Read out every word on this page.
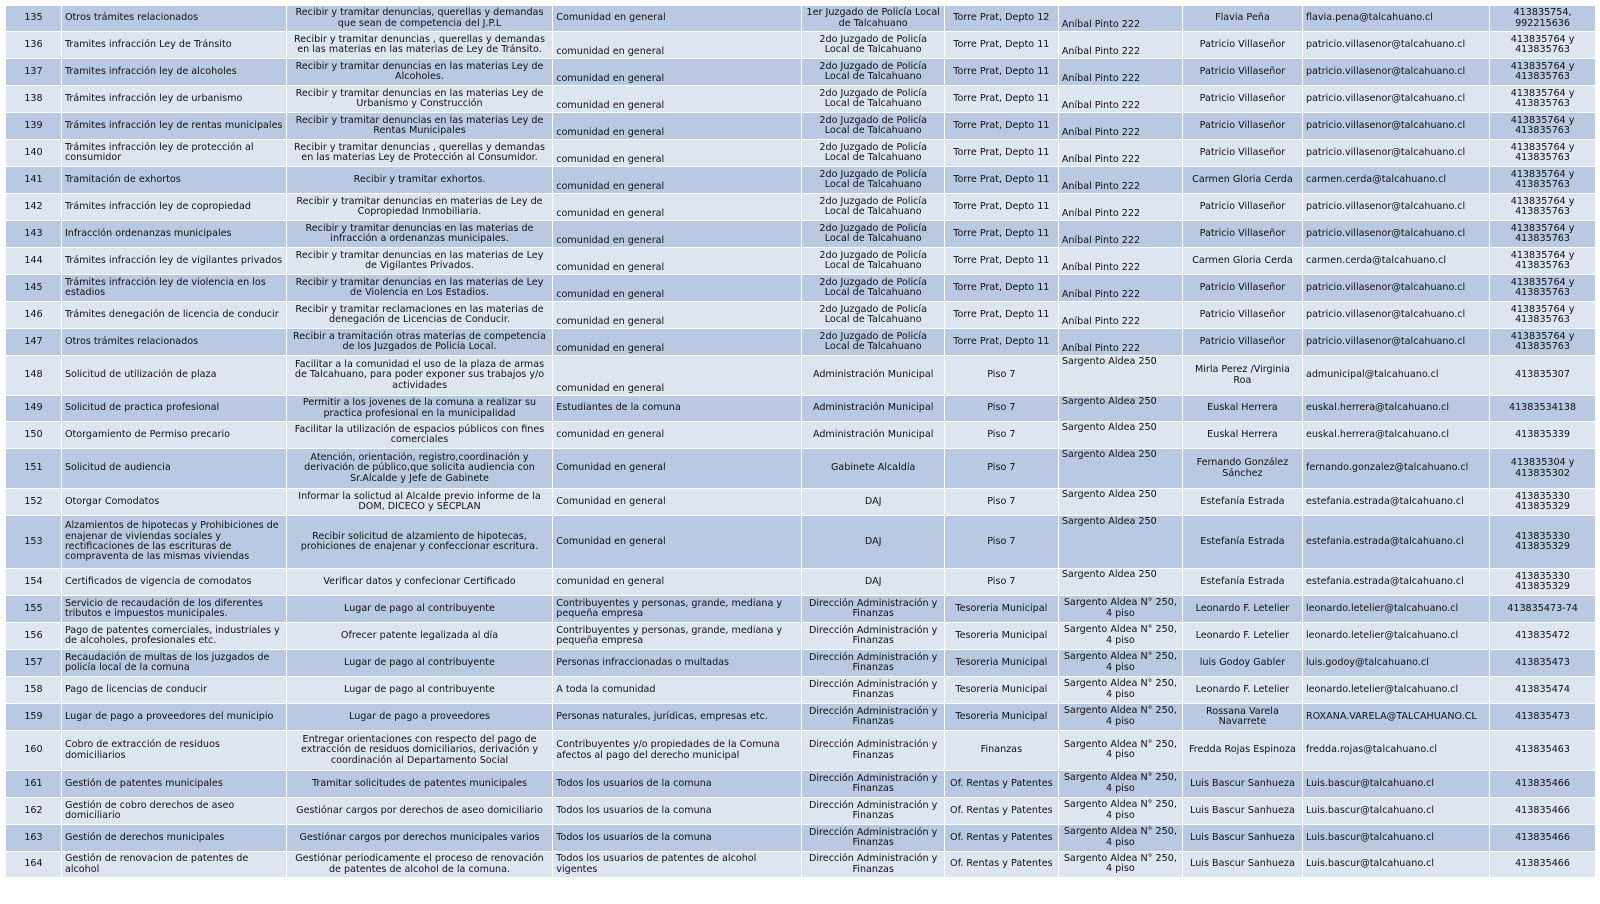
135	Otros trámites relacionados	Recibir y tramitar denuncias, querellas y demandas que sean de competencia del J.P.L	Comunidad en general	1er Juzgado de Policía Local de Talcahuano	Torre Prat, Depto 12	Aníbal Pinto 222	Flavia Peña	flavia.pena@talcahuano.cl	413835754, 992215636
136	Tramites infracción Ley de Tránsito	Recibir y tramitar denuncias , querellas y demandas en las materias en las materias de Ley de Tránsito.	comunidad en general	2do Juzgado de Policía Local de Talcahuano	Torre Prat, Depto 11	Aníbal Pinto 222	Patricio Villaseñor	patricio.villasenor@talcahuano.cl	413835764 y 413835763
137	Tramites infracción ley de alcoholes	Recibir y tramitar denuncias en las materias Ley de Alcoholes.	comunidad en general	2do Juzgado de Policía Local de Talcahuano	Torre Prat, Depto 11	Aníbal Pinto 222	Patricio Villaseñor	patricio.villasenor@talcahuano.cl	413835764 y 413835763
138	Trámites infracción ley de urbanismo	Recibir y tramitar denuncias en las materias Ley de Urbanismo y Construcción	comunidad en general	2do Juzgado de Policía Local de Talcahuano	Torre Prat, Depto 11	Aníbal Pinto 222	Patricio Villaseñor	patricio.villasenor@talcahuano.cl	413835764 y 413835763
139	Trámites infracción ley de rentas municipales	Recibir y tramitar denuncias en las materias Ley de Rentas Municipales	comunidad en general	2do Juzgado de Policía Local de Talcahuano	Torre Prat, Depto 11	Aníbal Pinto 222	Patricio Villaseñor	patricio.villasenor@talcahuano.cl	413835764 y 413835763
140	Trámites infracción ley de protección al consumidor	Recibir y tramitar denuncias , querellas y demandas en las materias Ley de Protección al Consumidor.	comunidad en general	2do Juzgado de Policía Local de Talcahuano	Torre Prat, Depto 11	Aníbal Pinto 222	Patricio Villaseñor	patricio.villasenor@talcahuano.cl	413835764 y 413835763
141	Tramitación de exhortos	Recibir y tramitar exhortos.	comunidad en general	2do Juzgado de Policía Local de Talcahuano	Torre Prat, Depto 11	Aníbal Pinto 222	Carmen Gloria Cerda	carmen.cerda@talcahuano.cl	413835764 y 413835763
142	Trámites infracción ley de copropiedad	Recibir y tramitar denuncias en materias de Ley de Copropiedad Inmobiliaria.	comunidad en general	2do Juzgado de Policía Local de Talcahuano	Torre Prat, Depto 11	Aníbal Pinto 222	Patricio Villaseñor	patricio.villasenor@talcahuano.cl	413835764 y 413835763
143	Infracción ordenanzas municipales	Recibir y tramitar denuncias en las materias de infracción a ordenanzas municipales.	comunidad en general	2do Juzgado de Policía Local de Talcahuano	Torre Prat, Depto 11	Aníbal Pinto 222	Patricio Villaseñor	patricio.villasenor@talcahuano.cl	413835764 y 413835763
144	Trámites infracción ley de vigilantes privados	Recibir y tramitar denuncias en las materias de Ley de Vigilantes Privados.	comunidad en general	2do Juzgado de Policía Local de Talcahuano	Torre Prat, Depto 11	Aníbal Pinto 222	Carmen Gloria Cerda	carmen.cerda@talcahuano.cl	413835764 y 413835763
145	Trámites infracción ley de violencia en los estadios	Recibir y tramitar denuncias en las materias de Ley de Violencia en Los Estadios.	comunidad en general	2do Juzgado de Policía Local de Talcahuano	Torre Prat, Depto 11	Aníbal Pinto 222	Patricio Villaseñor	patricio.villasenor@talcahuano.cl	413835764 y 413835763
146	Trámites denegación de licencia de conducir	Recibir y tramitar reclamaciones en las materias de denegación de Licencias de Conducir.	comunidad en general	2do Juzgado de Policía Local de Talcahuano	Torre Prat, Depto 11	Aníbal Pinto 222	Patricio Villaseñor	patricio.villasenor@talcahuano.cl	413835764 y 413835763
147	Otros trámites relacionados	Recibir a tramitación otras materias de competencia de los Juzgados de Policía Local.	comunidad en general	2do Juzgado de Policía Local de Talcahuano	Torre Prat, Depto 11	Aníbal Pinto 222	Patricio Villaseñor	patricio.villasenor@talcahuano.cl	413835764 y 413835763
148	Solicitud de utilización de plaza	Facilitar a la comunidad el uso de la plaza de armas de Talcahuano, para poder exponer sus trabajos y/o actividades	comunidad en general	Administración Municipal	Piso 7	Sargento Aldea 250	Mirla Perez /Virginia Roa	admunicipal@talcahuano.cl	413835307
149	Solicitud de practica profesional	Permitir a los jovenes de la comuna a realizar su practica profesional en la municipalidad	Estudiantes de la comuna	Administración Municipal	Piso 7	Sargento Aldea 250	Euskal Herrera	euskal.herrera@talcahuano.cl	41383534138
150	Otorgamiento de Permiso precario	Facilitar la utilización de espacios públicos con fines comerciales	comunidad en general	Administración Municipal	Piso 7	Sargento Aldea 250	Euskal Herrera	euskal.herrera@talcahuano.cl	413835339
151	Solicitud de audiencia	Atención, orientación, registro,coordinación y derivación de público,que solicita audiencia con Sr.Alcalde y Jefe de Gabinete	Comunidad en general	Gabinete Alcaldía	Piso 7	Sargento Aldea 250	Fernando González Sánchez	fernando.gonzalez@talcahuano.cl	413835304 y 413835302
152	Otorgar Comodatos	Informar la solictud al Alcalde previo informe de la DOM, DICECO y SECPLAN	Comunidad en general	DAJ	Piso 7	Sargento Aldea 250	Estefanía Estrada	estefania.estrada@talcahuano.cl	413835330 413835329
153	Alzamientos de hipotecas y Prohibiciones de enajenar de viviendas sociales y rectificaciones de las escrituras de compraventa de las mismas viviendas	Recibir solicitud de alzamiento de hipotecas, prohiciones de enajenar y confeccionar escritura.	Comunidad en general	DAJ	Piso 7	Sargento Aldea 250	Estefanía Estrada	estefania.estrada@talcahuano.cl	413835330 413835329
154	Certificados de vigencia de comodatos	Verificar datos y confecionar Certificado	comunidad en general	DAJ	Piso 7	Sargento Aldea 250	Estefanía Estrada	estefania.estrada@talcahuano.cl	413835330 413835329
155	Servicio de recaudación de los diferentes tributos e impuestos municipales.	Lugar de pago al contribuyente	Contribuyentes y personas, grande, mediana y pequeña empresa	Dirección Administración y Finanzas	Tesoreria Municipal	Sargento Aldea N° 250, 4 piso	Leonardo F. Letelier	leonardo.letelier@talcahuano.cl	413835473-74
156	Pago de patentes comerciales, industriales y de alcoholes, profesionales etc.	Ofrecer patente legalizada al día	Contribuyentes y personas, grande, mediana y pequeña empresa	Dirección Administración y Finanzas	Tesoreria Municipal	Sargento Aldea N° 250, 4 piso	Leonardo F. Letelier	leonardo.letelier@talcahuano.cl	413835472
157	Recaudación de multas de los juzgados de policía local de la comuna	Lugar de pago al contribuyente	Personas infraccionadas o multadas	Dirección Administración y Finanzas	Tesoreria Municipal	Sargento Aldea N° 250, 4 piso	luis Godoy Gabler	luis.godoy@talcahuano.cl	413835473
158	Pago de licencias de conducir	Lugar de pago al contribuyente	A toda la comunidad	Dirección Administración y Finanzas	Tesoreria Municipal	Sargento Aldea N° 250, 4 piso	Leonardo F. Letelier	leonardo.letelier@talcahuano.cl	413835474
159	Lugar de pago a proveedores del municipio	Lugar de pago a proveedores	Personas naturales, jurídicas, empresas etc.	Dirección Administración y Finanzas	Tesoreria Municipal	Sargento Aldea N° 250, 4 piso	Rossana Varela Navarrete	ROXANA.VARELA@TALCAHUANO.CL	413835473
160	Cobro de extracción de residuos domiciliarios	Entregar orientaciones con respecto del pago de extracción de residuos domiciliarios, derivación y coordinación al Departamento Social	Contribuyentes y/o propiedades de la Comuna afectos al pago del derecho municipal	Dirección Administración y Finanzas	Finanzas	Sargento Aldea N° 250, 4 piso	Fredda Rojas Espinoza	fredda.rojas@talcahuano.cl	413835463
161	Gestión de patentes municipales	Tramitar solicitudes de patentes municipales	Todos los usuarios de la comuna	Dirección Administración y Finanzas	Of. Rentas y Patentes	Sargento Aldea N° 250, 4 piso	Luis Bascur Sanhueza	Luis.bascur@talcahuano.cl	413835466
162	Gestión de cobro derechos de aseo domiciliario	Gestiónar cargos por derechos de aseo domiciliario	Todos los usuarios de la comuna	Dirección Administración y Finanzas	Of. Rentas y Patentes	Sargento Aldea N° 250, 4 piso	Luis Bascur Sanhueza	Luis.bascur@talcahuano.cl	413835466
163	Gestión de derechos municipales	Gestiónar cargos por derechos municipales varios	Todos los usuarios de la comuna	Dirección Administración y Finanzas	Of. Rentas y Patentes	Sargento Aldea N° 250, 4 piso	Luis Bascur Sanhueza	Luis.bascur@talcahuano.cl	413835466
164	Gestión de renovacion de patentes de alcohol	Gestiónar periodicamente el proceso de renovación de patentes de alcohol de la comuna.	Todos los usuarios de patentes de alcohol vigentes	Dirección Administración y Finanzas	Of. Rentas y Patentes	Sargento Aldea N° 250, 4 piso	Luis Bascur Sanhueza	Luis.bascur@talcahuano.cl	413835466
